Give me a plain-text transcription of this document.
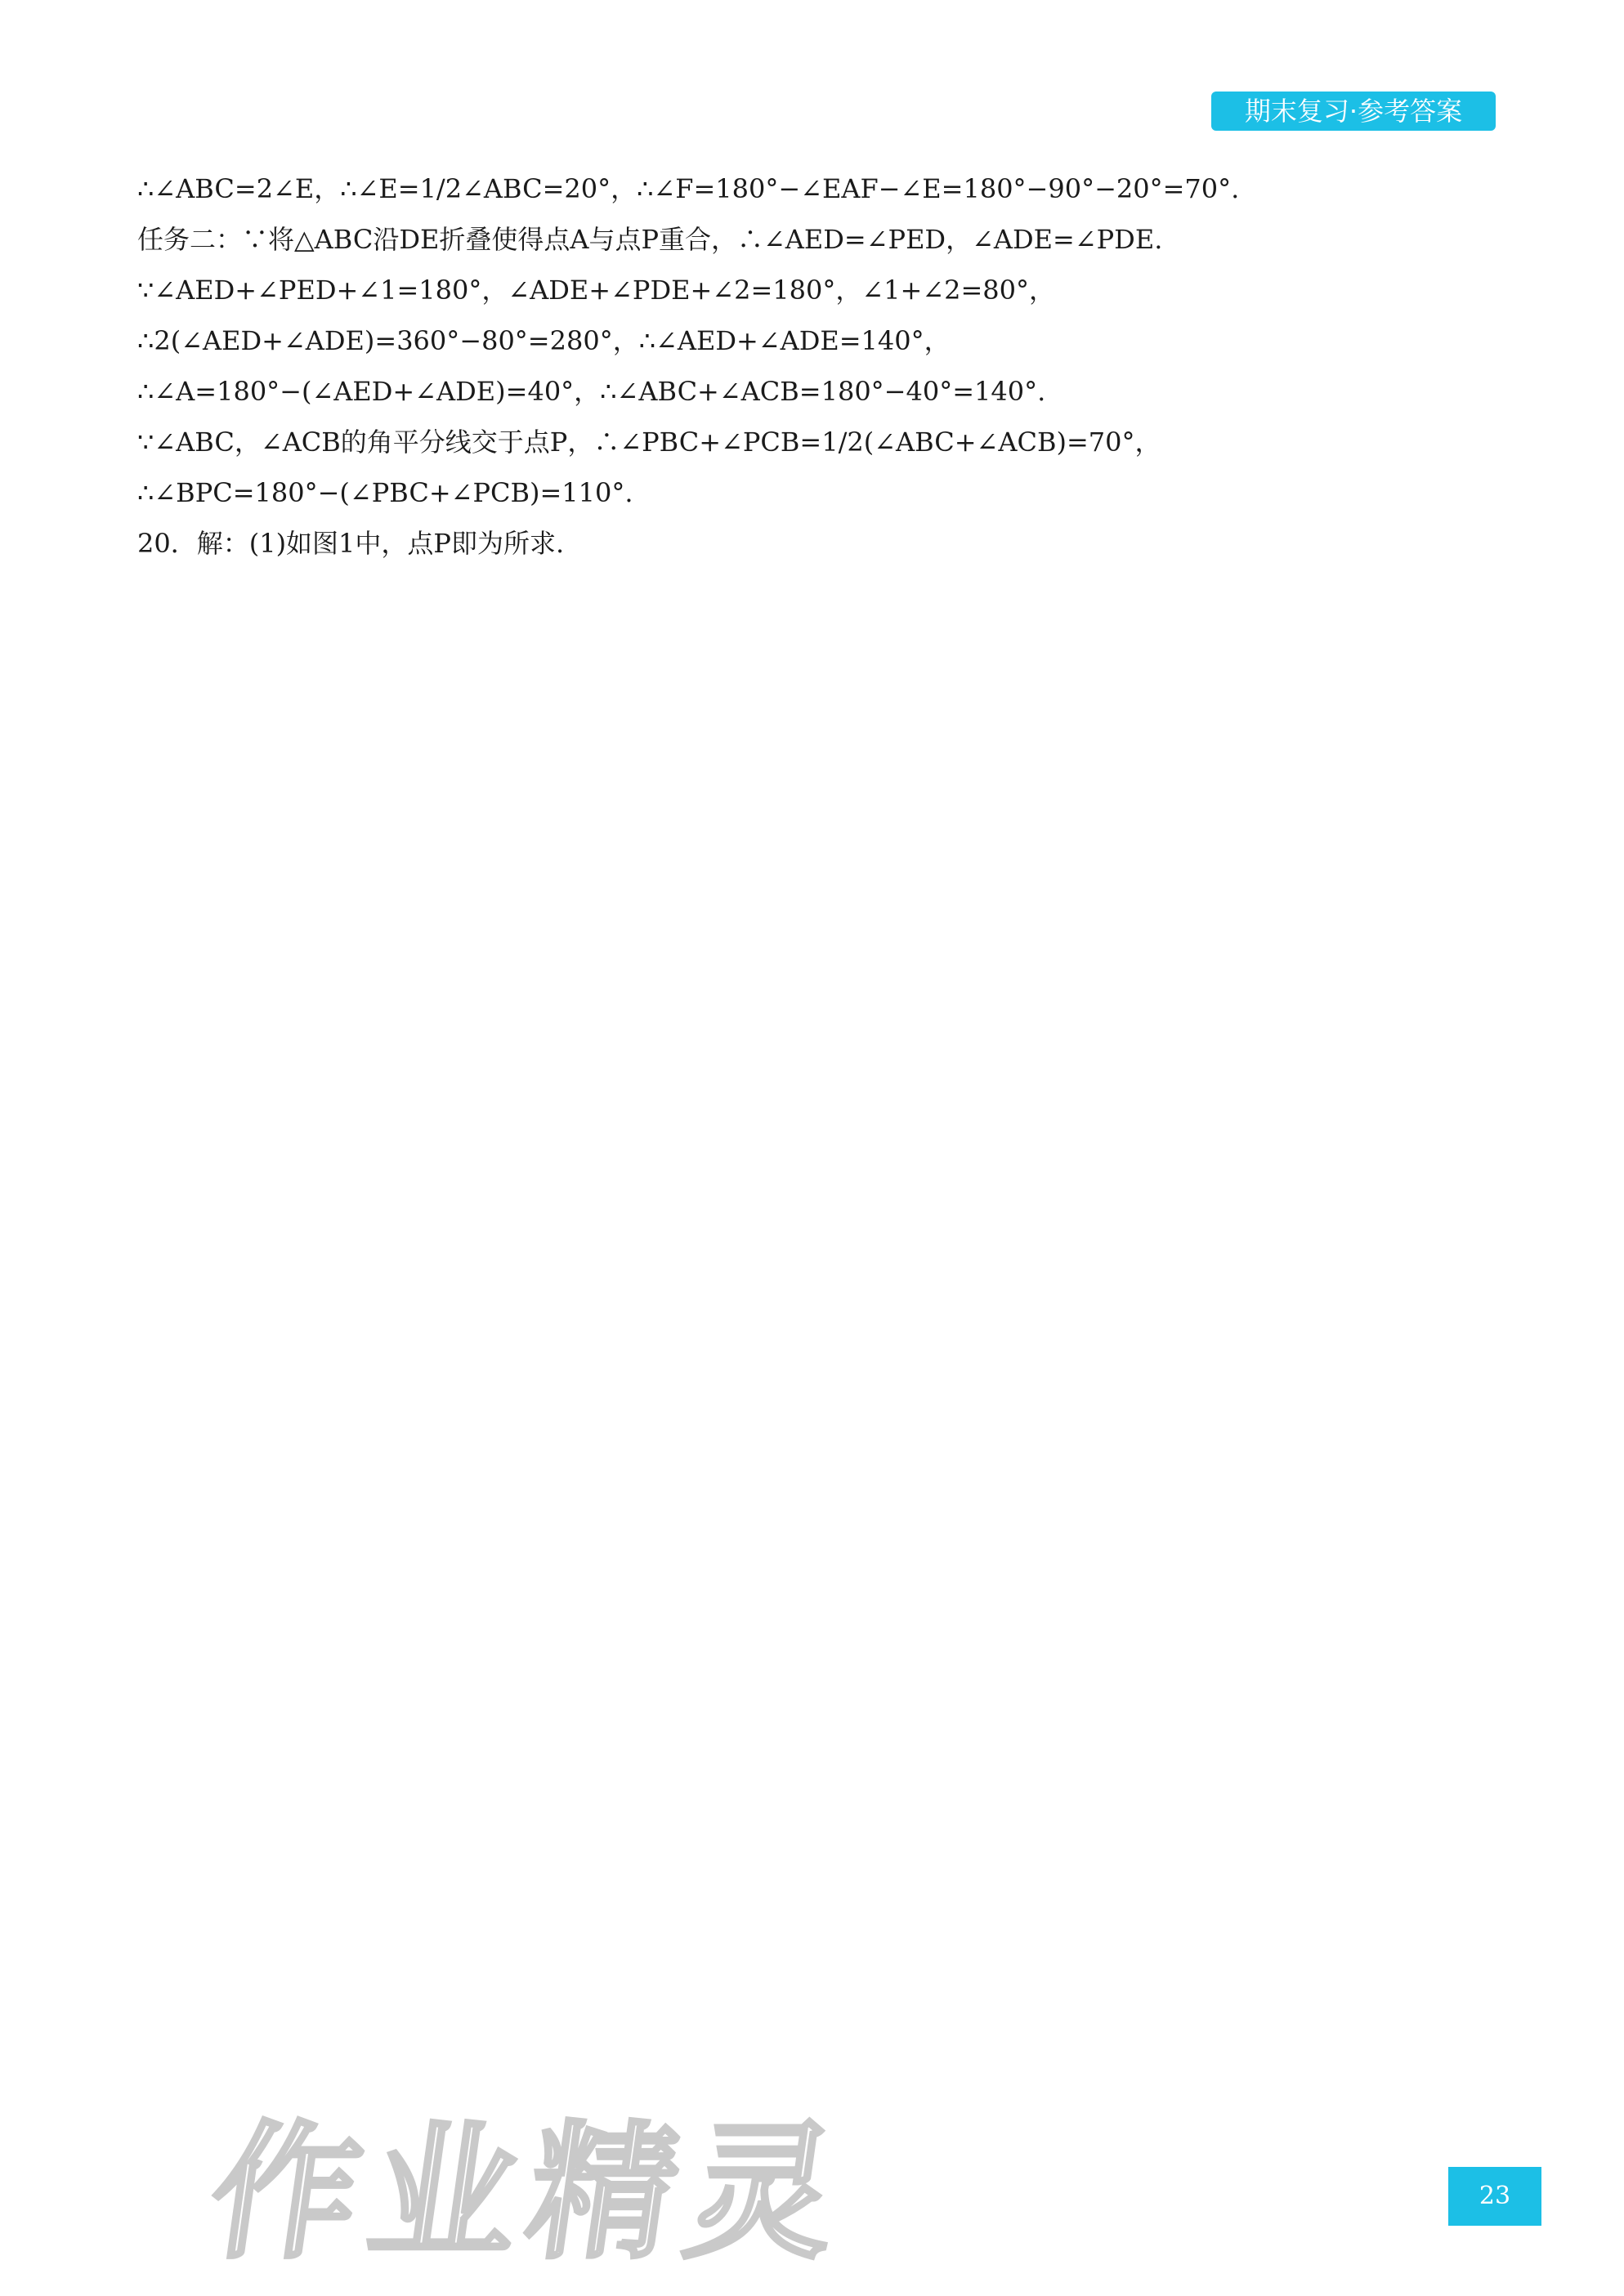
期末复习·参考答案
∴∠ABC=2∠E，∴∠E=1/2∠ABC=20°，∴∠F=180°−∠EAF−∠E=180°−90°−20°=70°.
任务二：∵将△ABC沿DE折叠使得点A与点P重合，∴∠AED=∠PED，∠ADE=∠PDE.
∵∠AED+∠PED+∠1=180°，∠ADE+∠PDE+∠2=180°，∠1+∠2=80°，
∴2(∠AED+∠ADE)=360°−80°=280°，∴∠AED+∠ADE=140°，
∴∠A=180°−(∠AED+∠ADE)=40°，∴∠ABC+∠ACB=180°−40°=140°.
∵∠ABC，∠ACB的角平分线交于点P，∴∠PBC+∠PCB=1/2(∠ABC+∠ACB)=70°，
∴∠BPC=180°−(∠PBC+∠PCB)=110°.
20．解：(1)如图1中，点P即为所求.
作业精灵	23
